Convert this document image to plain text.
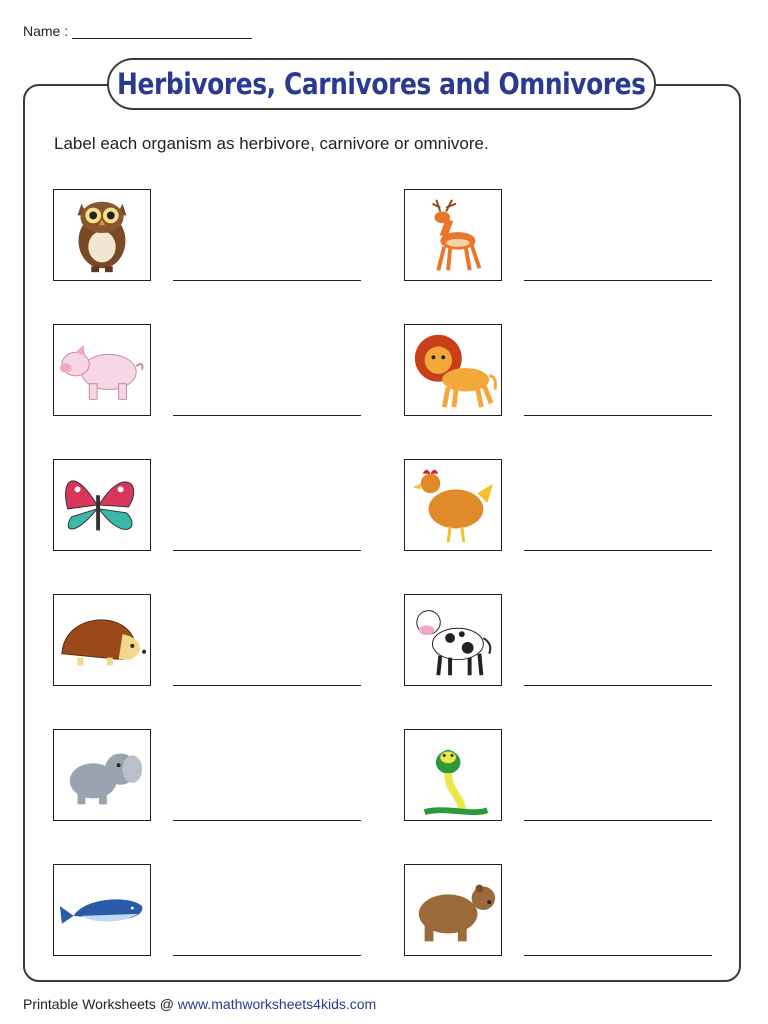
Name :
Herbivores, Carnivores and Omnivores
Label each organism as herbivore, carnivore or omnivore.
Printable Worksheets @ www.mathworksheets4kids.com
